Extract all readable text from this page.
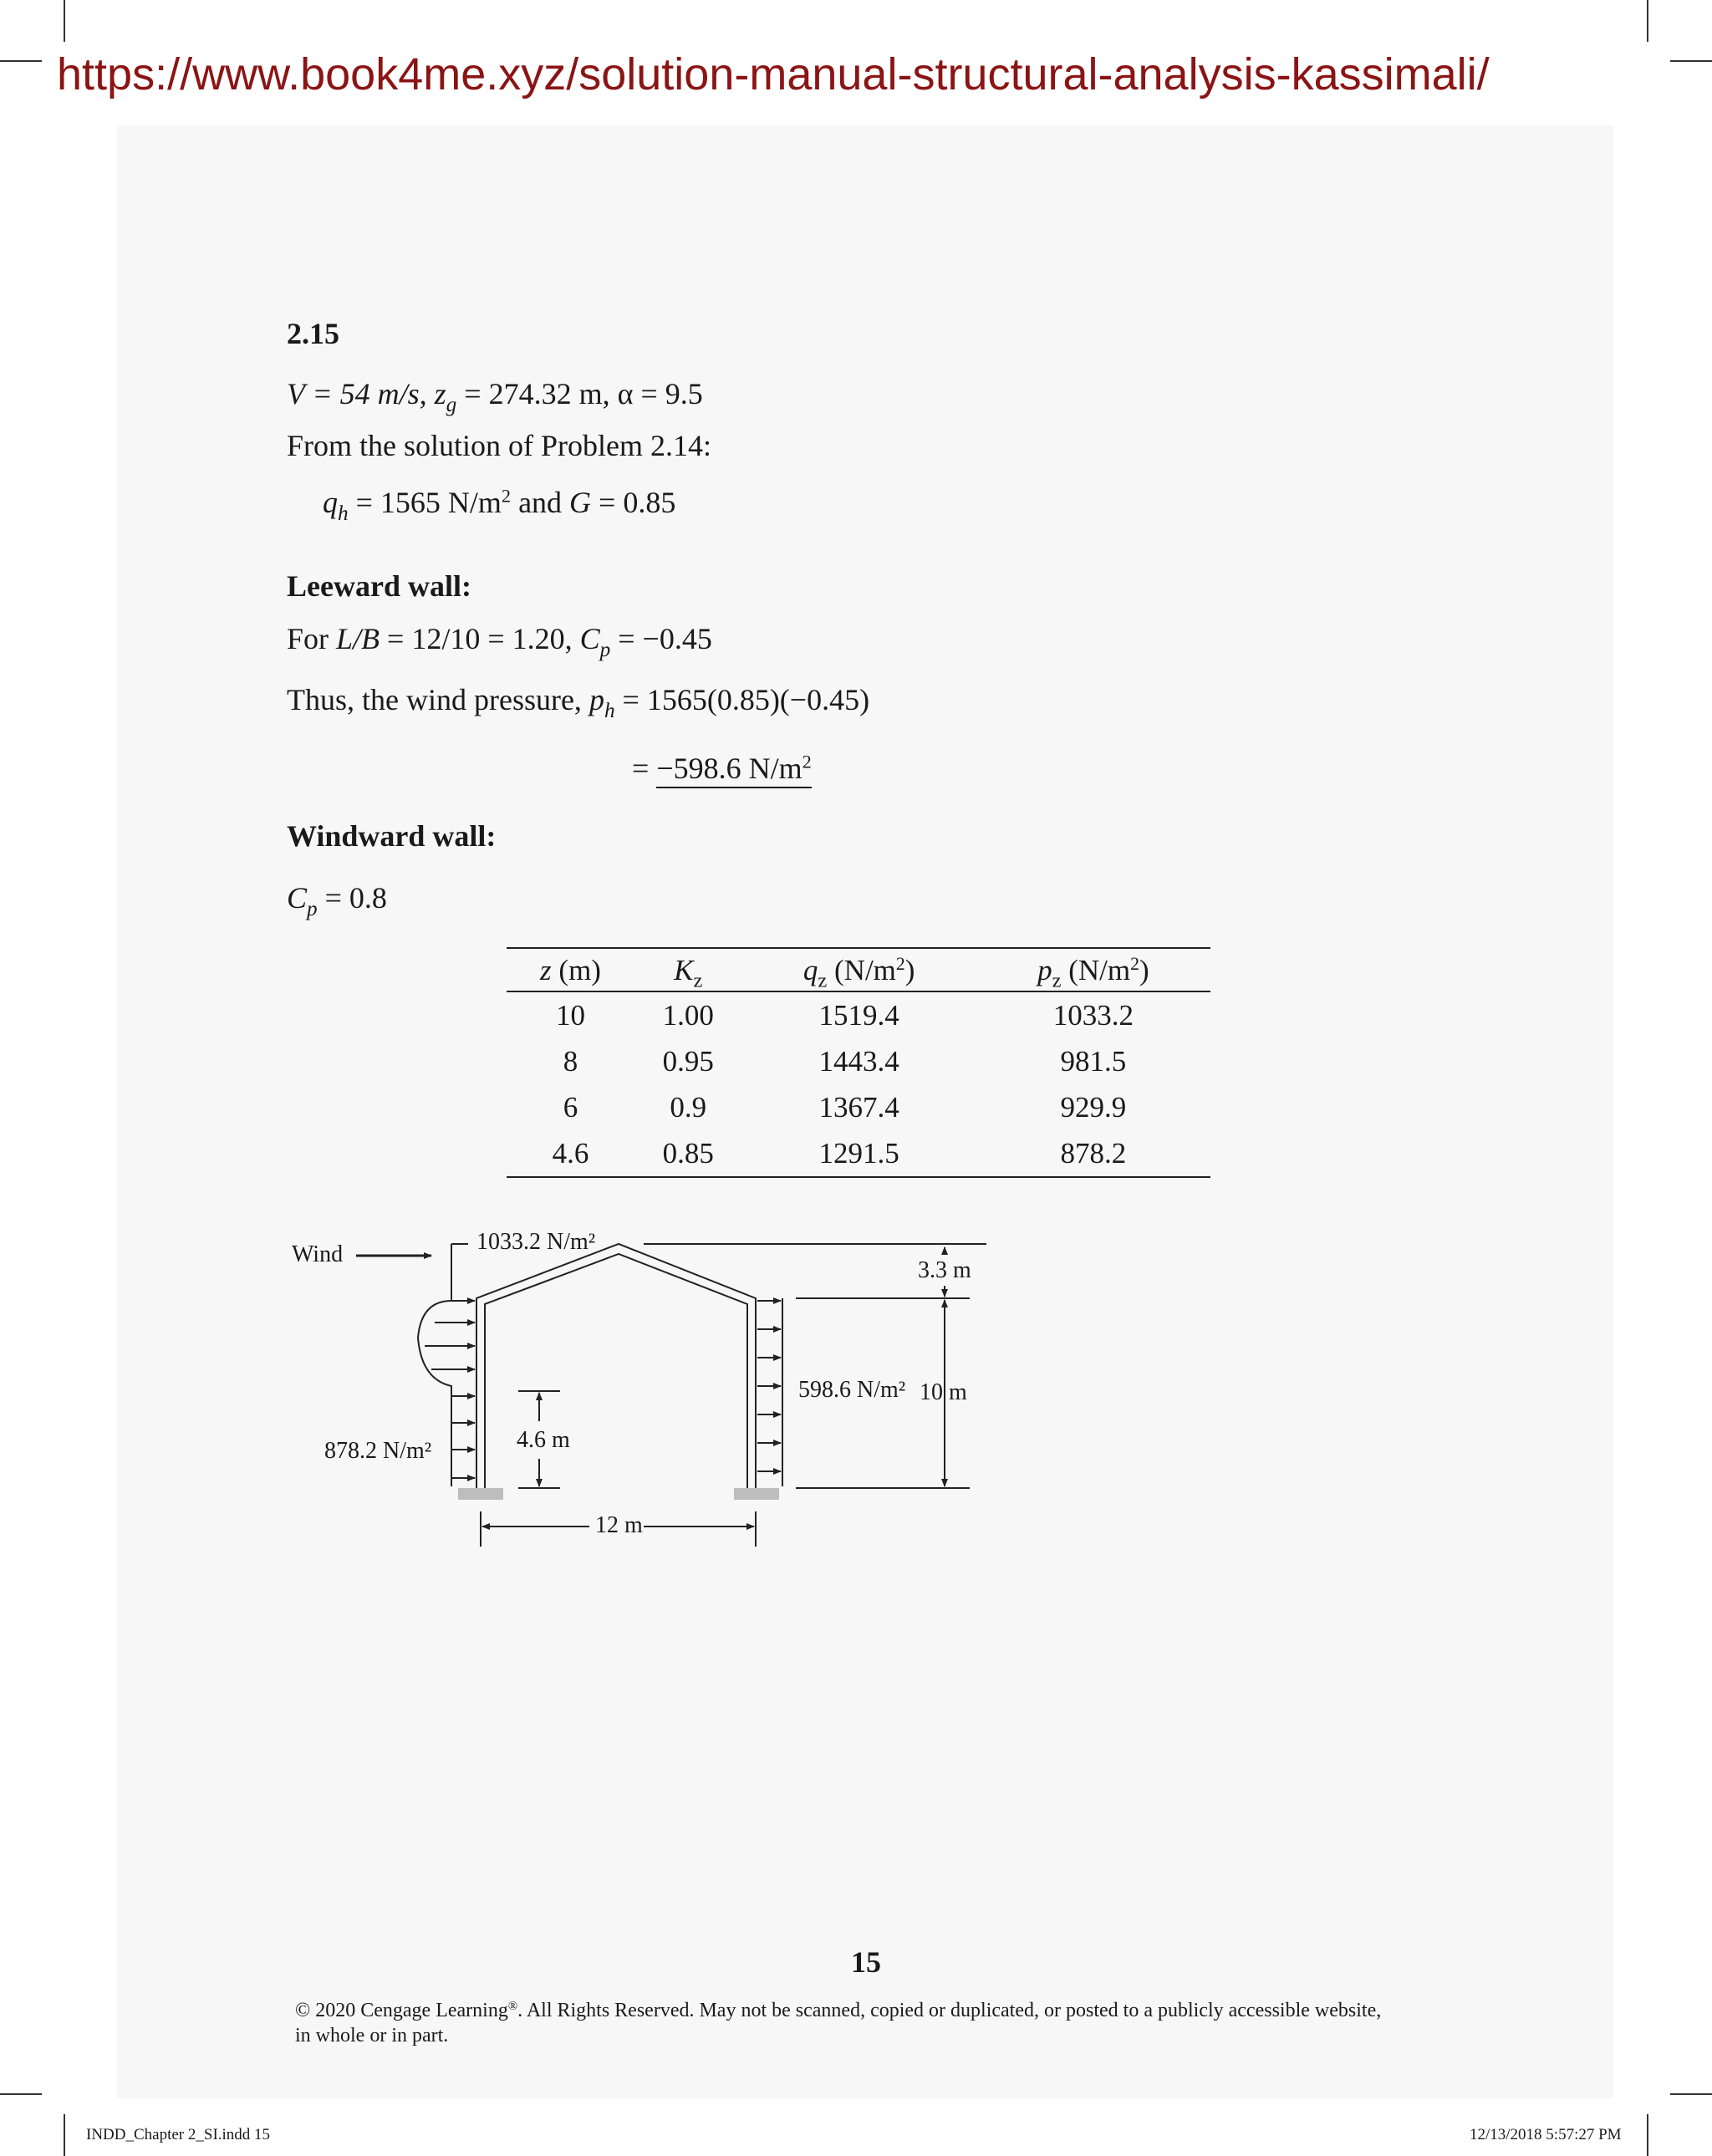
https://www.book4me.xyz/solution-manual-structural-analysis-kassimali/
2.15
V = 54 m/s, $z_g = 274.32$ m, α = 9.5
From the solution of Problem 2.14:
$q_h = 1565$ $N/m^2$ and G = 0.85
Leeward wall:
For L/B = 12/10 = 1.20, $C_p = -0.45$
Thus, the wind pressure, $p_h = 1565(0.85)(-0.45)$
= −598.6 $N/m^2$
Windward wall:
$C_p = 0.8$
z (m)	$K_z$	$q_z$ $(N/m^2)$	$p_z$ $(N/m^2)$
10	1.00	1519.4	1033.2
8	0.95	1443.4	981.5
6	0.9	1367.4	929.9
4.6	0.85	1291.5	878.2
Wind	1033.2 N/m²
878.2 N/m²
598.6 N/m²
4.6 m
3.3 m
10 m
12 m
15
© 2020 Cengage Learning®. All Rights Reserved. May not be scanned, copied or duplicated, or posted to a publicly accessible website,
in whole or in part.
INDD_Chapter 2_SI.indd 15	12/13/2018 5:57:27 PM
